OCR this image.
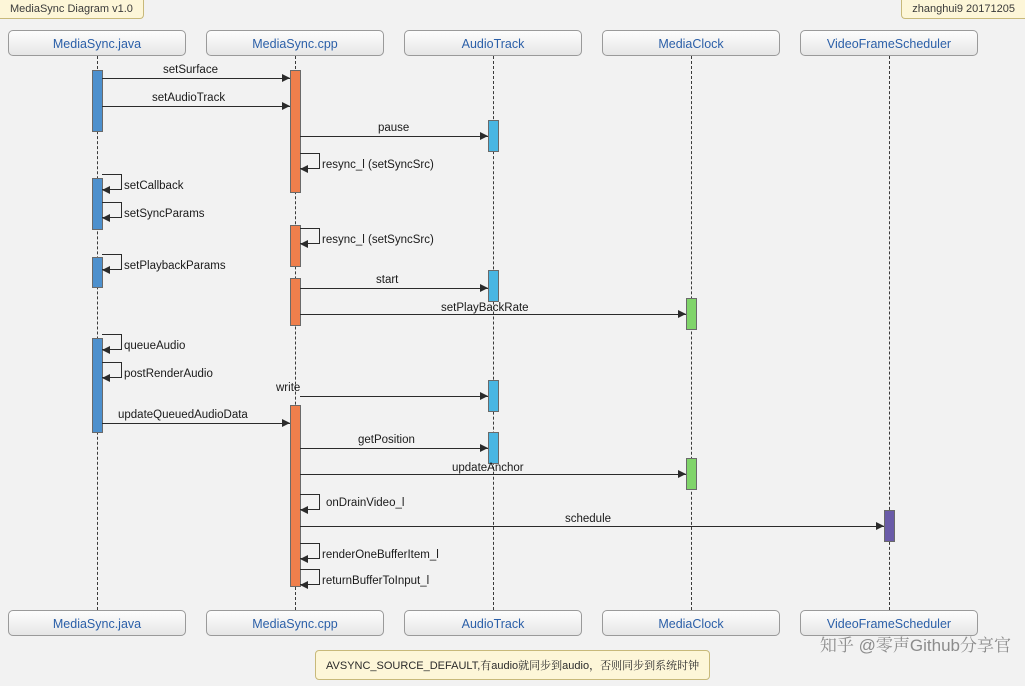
MediaSync Diagram v1.0	zhanghui9 20171205
MediaSync.java
MediaSync.java
MediaSync.cpp
MediaSync.cpp
AudioTrack
AudioTrack
MediaClock
MediaClock
VideoFrameScheduler
VideoFrameScheduler
setSurface
setAudioTrack
pause
resync_l (setSyncSrc)
setCallback
setSyncParams
resync_l (setSyncSrc)
setPlaybackParams
start
setPlayBackRate
queueAudio
postRenderAudio
write
updateQueuedAudioData
getPosition
updateAnchor
onDrainVideo_l
schedule
renderOneBufferItem_l
returnBufferToInput_l
AVSYNC_SOURCE_DEFAULT,有audio就同步到audio，否则同步到系统时钟
知乎 @零声Github分享官
